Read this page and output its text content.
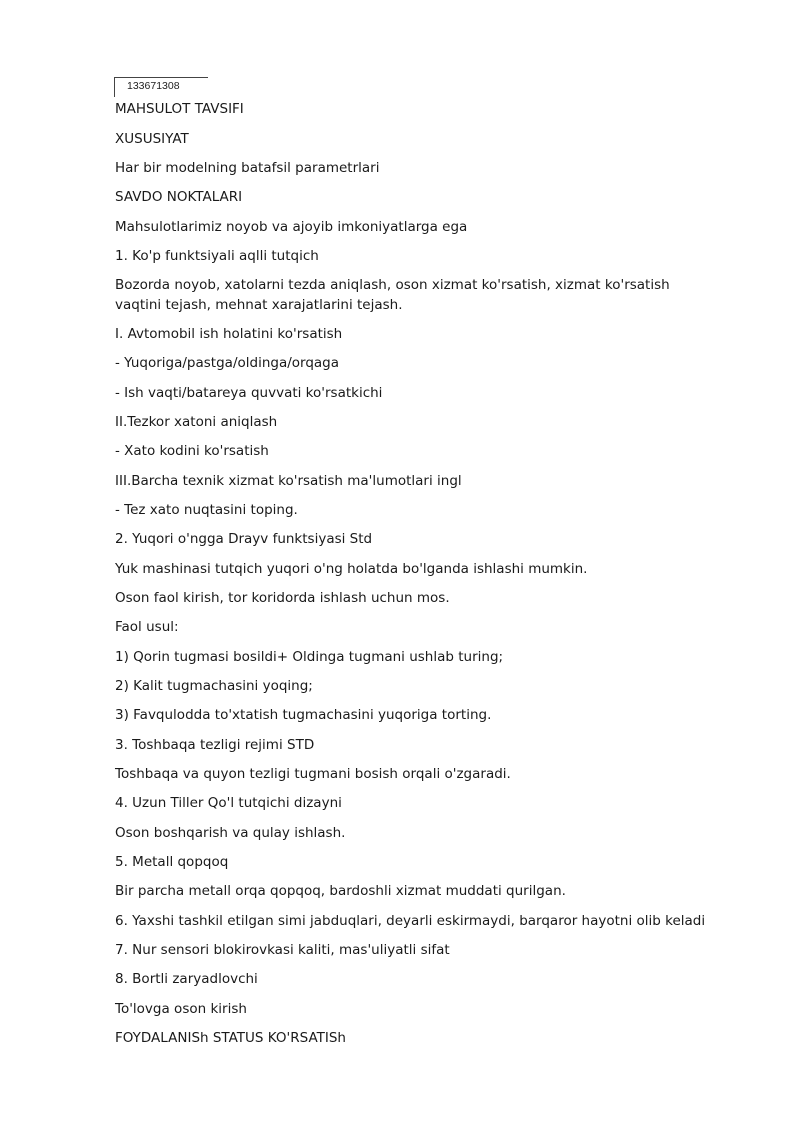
133671308

MAHSULOT TAVSIFI

XUSUSIYAT

Har bir modelning batafsil parametrlari

SAVDO NOKTALARI

Mahsulotlarimiz noyob va ajoyib imkoniyatlarga ega

1. Ko'p funktsiyali aqlli tutqich

Bozorda noyob, xatolarni tezda aniqlash, oson xizmat ko'rsatish, xizmat ko'rsatish vaqtini tejash, mehnat xarajatlarini tejash.

I. Avtomobil ish holatini ko'rsatish

- Yuqoriga/pastga/oldinga/orqaga

- Ish vaqti/batareya quvvati ko'rsatkichi

II.Tezkor xatoni aniqlash

- Xato kodini ko'rsatish

III.Barcha texnik xizmat ko'rsatish ma'lumotlari ingl

- Tez xato nuqtasini toping.

2. Yuqori o'ngga Drayv funktsiyasi Std

Yuk mashinasi tutqich yuqori o'ng holatda bo'lganda ishlashi mumkin.

Oson faol kirish, tor koridorda ishlash uchun mos.

Faol usul:

1) Qorin tugmasi bosildi+ Oldinga tugmani ushlab turing;

2) Kalit tugmachasini yoqing;

3) Favqulodda to'xtatish tugmachasini yuqoriga torting.

3. Toshbaqa tezligi rejimi STD

Toshbaqa va quyon tezligi tugmani bosish orqali o'zgaradi.

4. Uzun Tiller Qo'l tutqichi dizayni

Oson boshqarish va qulay ishlash.

5. Metall qopqoq

Bir parcha metall orqa qopqoq, bardoshli xizmat muddati qurilgan.

6. Yaxshi tashkil etilgan simi jabduqlari, deyarli eskirmaydi, barqaror hayotni olib keladi

7. Nur sensori blokirovkasi kaliti, mas'uliyatli sifat

8. Bortli zaryadlovchi

To'lovga oson kirish

FOYDALANISh STATUS KO'RSATISh
